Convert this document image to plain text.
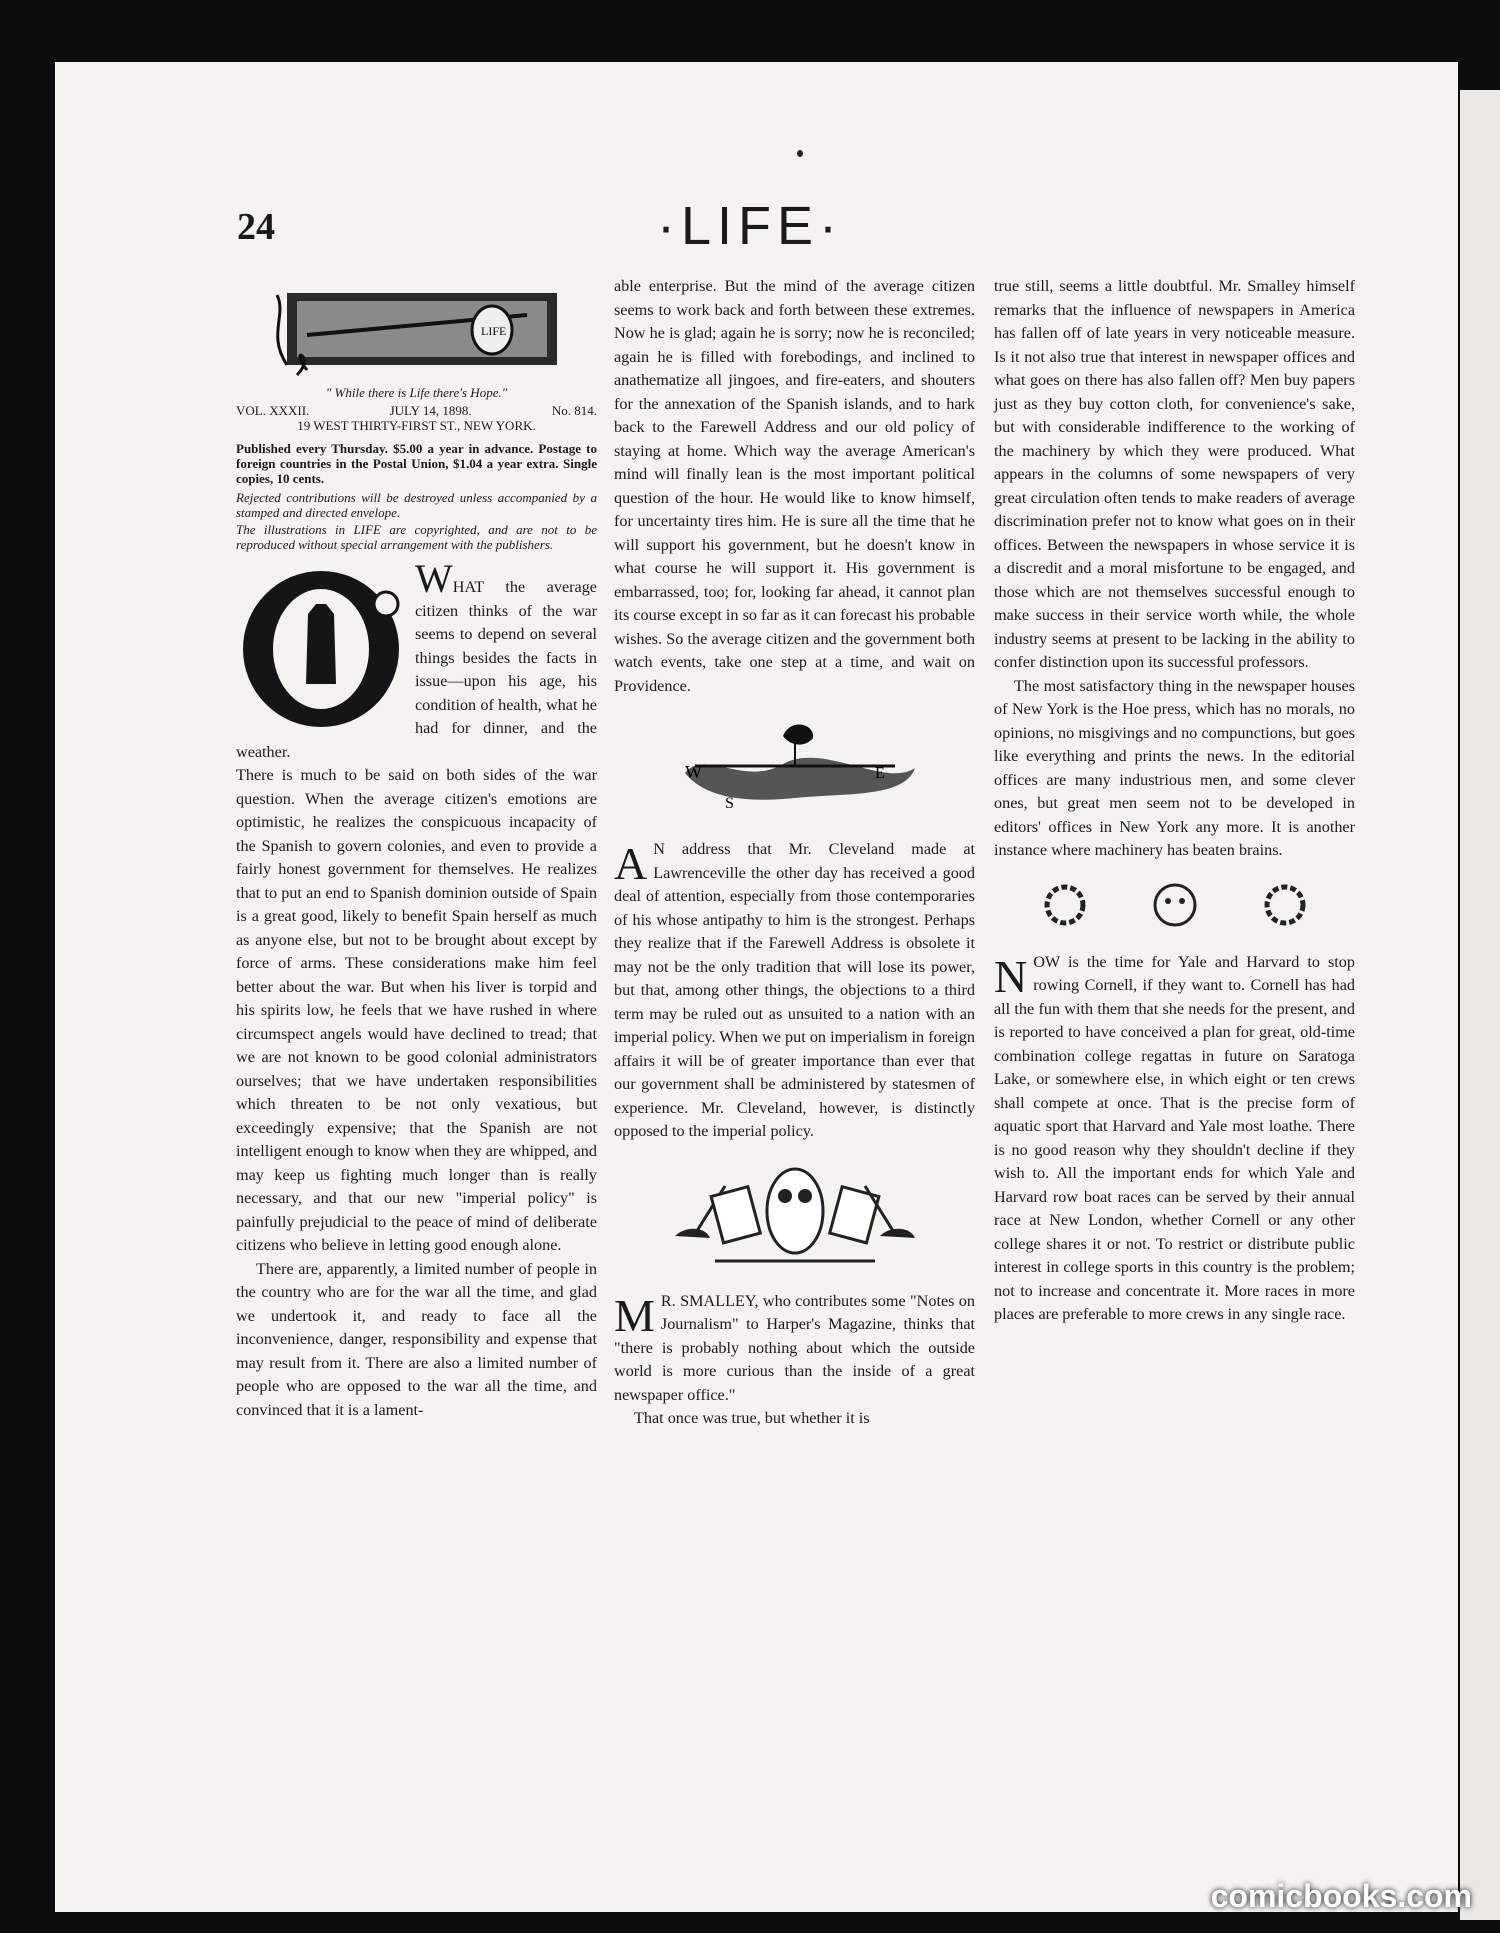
24	·LIFE·
LIFE

" While there is Life there's Hope."

VOL. XXXII.	JULY 14, 1898.	No. 814.

19 WEST THIRTY-FIRST ST., NEW YORK.

Published every Thursday. $5.00 a year in advance. Postage to foreign countries in the Postal Union, $1.04 a year extra. Single copies, 10 cents.

Rejected contributions will be destroyed unless accompanied by a stamped and directed envelope.

The illustrations in LIFE are copyrighted, and are not to be reproduced without special arrangement with the publishers.

WHAT the average citizen thinks of the war seems to depend on several things besides the facts in issue—upon his age, his condition of health, what he had for dinner, and the weather.

There is much to be said on both sides of the war question. When the average citizen's emotions are optimistic, he realizes the conspicuous incapacity of the Spanish to govern colonies, and even to provide a fairly honest government for themselves. He realizes that to put an end to Spanish dominion outside of Spain is a great good, likely to benefit Spain herself as much as anyone else, but not to be brought about except by force of arms. These considerations make him feel better about the war. But when his liver is torpid and his spirits low, he feels that we have rushed in where circumspect angels would have declined to tread; that we are not known to be good colonial administrators ourselves; that we have undertaken responsibilities which threaten to be not only vexatious, but exceedingly expensive; that the Spanish are not intelligent enough to know when they are whipped, and may keep us fighting much longer than is really necessary, and that our new "imperial policy" is painfully prejudicial to the peace of mind of deliberate citizens who believe in letting good enough alone.

There are, apparently, a limited number of people in the country who are for the war all the time, and glad we undertook it, and ready to face all the inconvenience, danger, responsibility and expense that may result from it. There are also a limited number of people who are opposed to the war all the time, and convinced that it is a lament-

able enterprise. But the mind of the average citizen seems to work back and forth between these extremes. Now he is glad; again he is sorry; now he is reconciled; again he is filled with forebodings, and inclined to anathematize all jingoes, and fire-eaters, and shouters for the annexation of the Spanish islands, and to hark back to the Farewell Address and our old policy of staying at home. Which way the average American's mind will finally lean is the most important political question of the hour. He would like to know himself, for uncertainty tires him. He is sure all the time that he will support his government, but he doesn't know in what course he will support it. His government is embarrassed, too; for, looking far ahead, it cannot plan its course except in so far as it can forecast his probable wishes. So the average citizen and the government both watch events, take one step at a time, and wait on Providence.

W
S
E

A N address that Mr. Cleveland made at Lawrenceville the other day has received a good deal of attention, especially from those contemporaries of his whose antipathy to him is the strongest. Perhaps they realize that if the Farewell Address is obsolete it may not be the only tradition that will lose its power, but that, among other things, the objections to a third term may be ruled out as unsuited to a nation with an imperial policy. When we put on imperialism in foreign affairs it will be of greater importance than ever that our government shall be administered by statesmen of experience. Mr. Cleveland, however, is distinctly opposed to the imperial policy.

M R. SMALLEY, who contributes some "Notes on Journalism" to Harper's Magazine, thinks that "there is probably nothing about which the outside world is more curious than the inside of a great newspaper office."

That once was true, but whether it is

true still, seems a little doubtful. Mr. Smalley himself remarks that the influence of newspapers in America has fallen off of late years in very noticeable measure. Is it not also true that interest in newspaper offices and what goes on there has also fallen off? Men buy papers just as they buy cotton cloth, for convenience's sake, but with considerable indifference to the working of the machinery by which they were produced. What appears in the columns of some newspapers of very great circulation often tends to make readers of average discrimination prefer not to know what goes on in their offices. Between the newspapers in whose service it is a discredit and a moral misfortune to be engaged, and those which are not themselves successful enough to make success in their service worth while, the whole industry seems at present to be lacking in the ability to confer distinction upon its successful professors.

The most satisfactory thing in the newspaper houses of New York is the Hoe press, which has no morals, no opinions, no misgivings and no compunctions, but goes like everything and prints the news. In the editorial offices are many industrious men, and some clever ones, but great men seem not to be developed in editors' offices in New York any more. It is another instance where machinery has beaten brains.

NOW is the time for Yale and Harvard to stop rowing Cornell, if they want to. Cornell has had all the fun with them that she needs for the present, and is reported to have conceived a plan for great, old-time combination college regattas in future on Saratoga Lake, or somewhere else, in which eight or ten crews shall compete at once. That is the precise form of aquatic sport that Harvard and Yale most loathe. There is no good reason why they shouldn't decline if they wish to. All the important ends for which Yale and Harvard row boat races can be served by their annual race at New London, whether Cornell or any other college shares it or not. To restrict or distribute public interest in college sports in this country is the problem; not to increase and concentrate it. More races in more places are preferable to more crews in any single race.

comicbooks.com
